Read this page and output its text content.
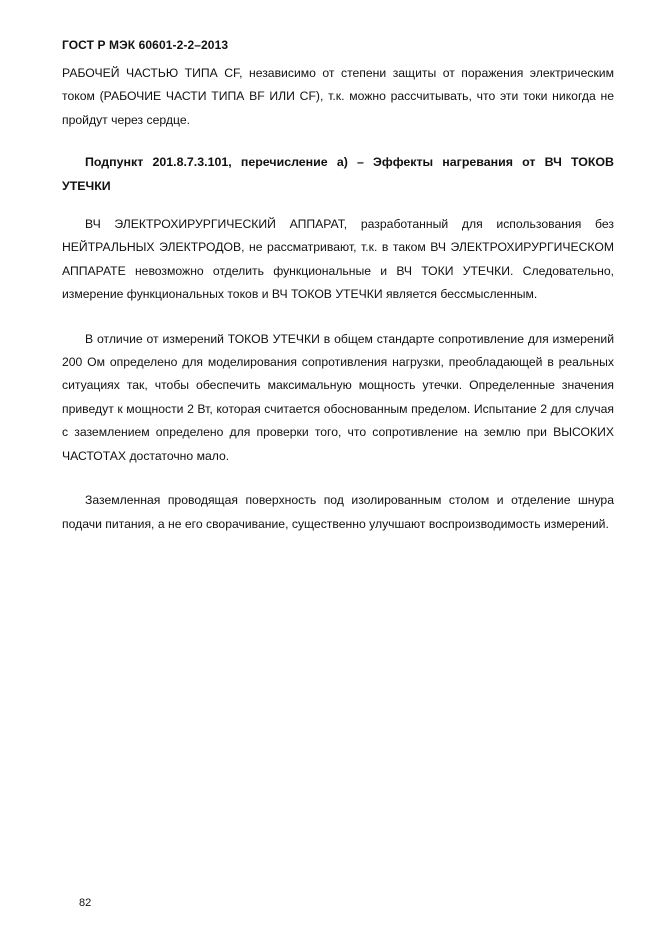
ГОСТ Р МЭК 60601-2-2–2013

РАБОЧЕЙ ЧАСТЬЮ ТИПА CF, независимо от степени защиты от поражения электрическим током (РАБОЧИЕ ЧАСТИ ТИПА BF ИЛИ CF), т.к. можно рассчитывать, что эти токи никогда не пройдут через сердце.

Подпункт 201.8.7.3.101, перечисление а) – Эффекты нагревания от ВЧ ТОКОВ УТЕЧКИ

ВЧ ЭЛЕКТРОХИРУРГИЧЕСКИЙ АППАРАТ, разработанный для использования без НЕЙТРАЛЬНЫХ ЭЛЕКТРОДОВ, не рассматривают, т.к. в таком ВЧ ЭЛЕКТРОХИРУРГИЧЕСКОМ АППАРАТЕ невозможно отделить функциональные и ВЧ ТОКИ УТЕЧКИ. Следовательно, измерение функциональных токов и ВЧ ТОКОВ УТЕЧКИ является бессмысленным.

В отличие от измерений ТОКОВ УТЕЧКИ в общем стандарте сопротивление для измерений 200 Ом определено для моделирования сопротивления нагрузки, преобладающей в реальных ситуациях так, чтобы обеспечить максимальную мощность утечки. Определенные значения приведут к мощности 2 Вт, которая считается обоснованным пределом. Испытание 2 для случая с заземлением определено для проверки того, что сопротивление на землю при ВЫСОКИХ ЧАСТОТАХ достаточно мало.

Заземленная проводящая поверхность под изолированным столом и отделение шнура подачи питания, а не его сворачивание, существенно улучшают воспроизводимость измерений.

82
